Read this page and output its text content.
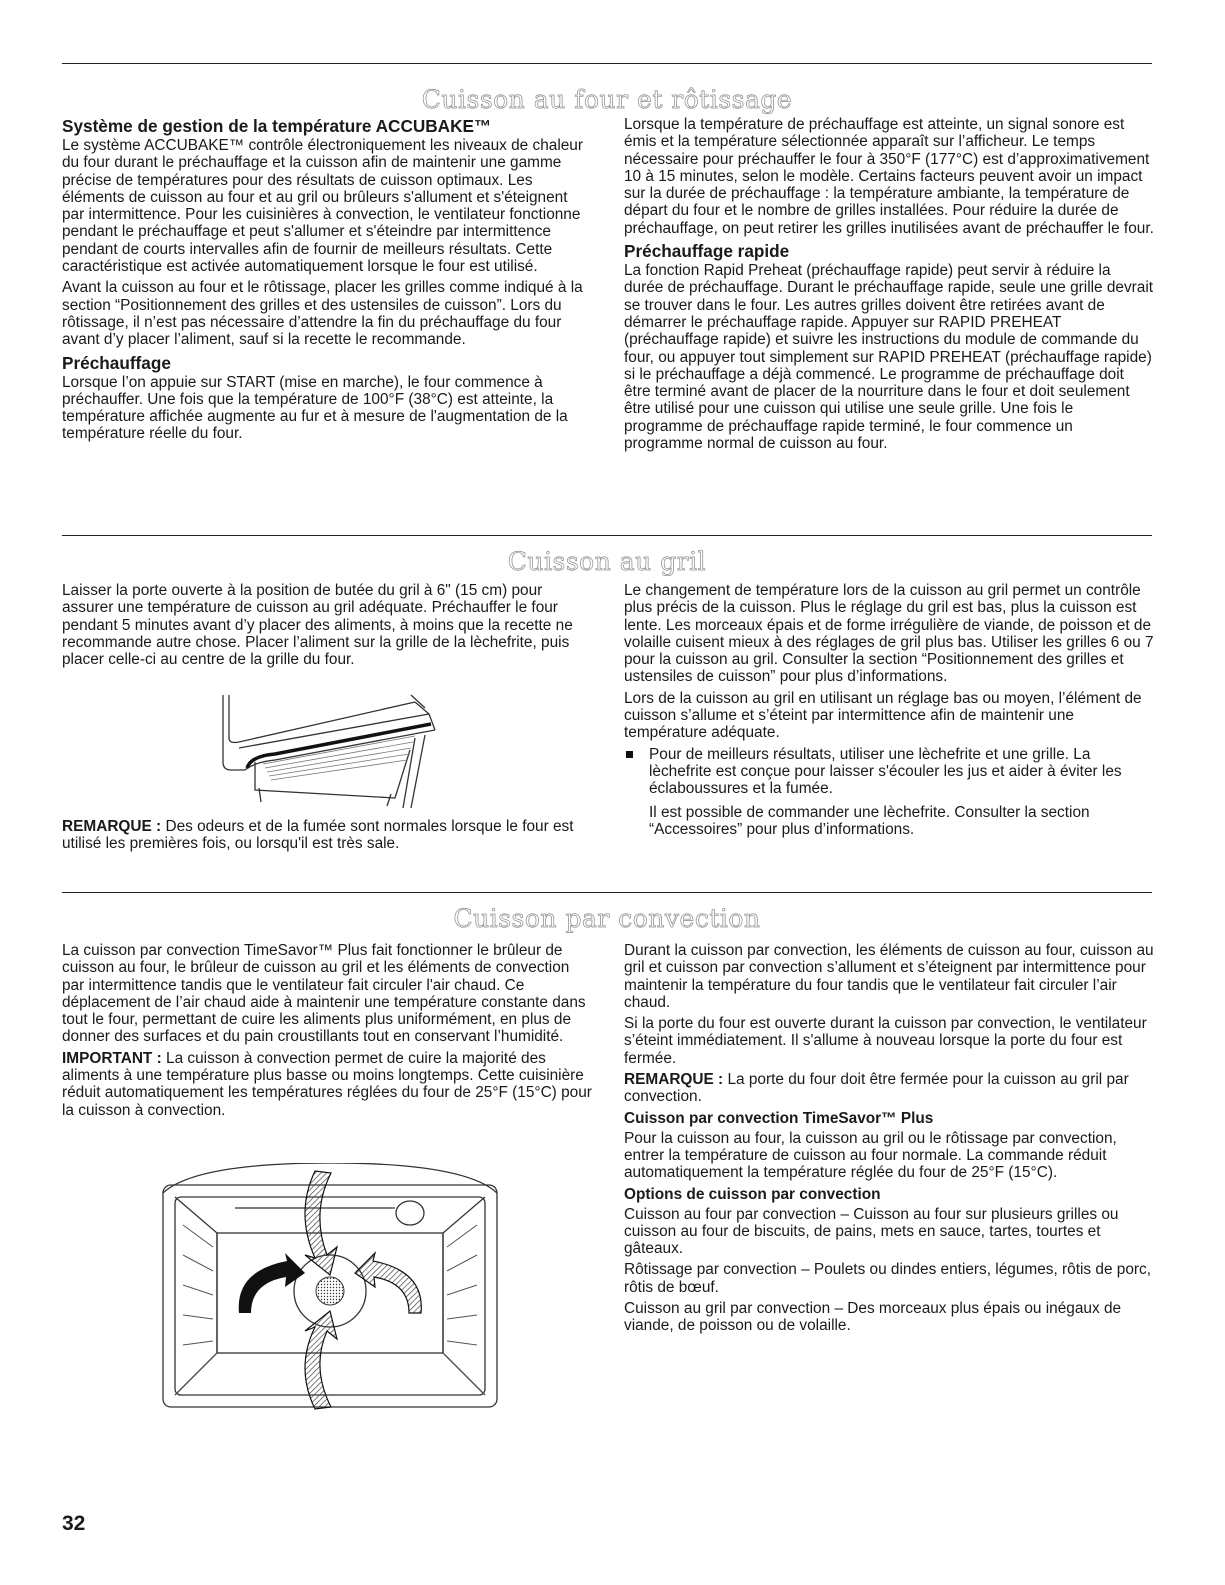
Cuisson au four et rôtissage
Système de gestion de la température ACCUBAKE™

Le système ACCUBAKE™ contrôle électroniquement les niveaux de chaleur du four durant le préchauffage et la cuisson afin de maintenir une gamme précise de températures pour des résultats de cuisson optimaux. Les éléments de cuisson au four et au gril ou brûleurs s'allument et s'éteignent par intermittence. Pour les cuisinières à convection, le ventilateur fonctionne pendant le préchauffage et peut s'allumer et s'éteindre par intermittence pendant de courts intervalles afin de fournir de meilleurs résultats. Cette caractéristique est activée automatiquement lorsque le four est utilisé.

Avant la cuisson au four et le rôtissage, placer les grilles comme indiqué à la section “Positionnement des grilles et des ustensiles de cuisson”. Lors du rôtissage, il n’est pas nécessaire d’attendre la fin du préchauffage du four avant d’y placer l’aliment, sauf si la recette le recommande.

Préchauffage

Lorsque l’on appuie sur START (mise en marche), le four commence à préchauffer. Une fois que la température de 100°F (38°C) est atteinte, la température affichée augmente au fur et à mesure de l'augmentation de la température réelle du four.

Lorsque la température de préchauffage est atteinte, un signal sonore est émis et la température sélectionnée apparaît sur l’afficheur. Le temps nécessaire pour préchauffer le four à 350°F (177°C) est d’approximativement 10 à 15 minutes, selon le modèle. Certains facteurs peuvent avoir un impact sur la durée de préchauffage : la température ambiante, la température de départ du four et le nombre de grilles installées. Pour réduire la durée de préchauffage, on peut retirer les grilles inutilisées avant de préchauffer le four.

Préchauffage rapide

La fonction Rapid Preheat (préchauffage rapide) peut servir à réduire la durée de préchauffage. Durant le préchauffage rapide, seule une grille devrait se trouver dans le four. Les autres grilles doivent être retirées avant de démarrer le préchauffage rapide. Appuyer sur RAPID PREHEAT (préchauffage rapide) et suivre les instructions du module de commande du four, ou appuyer tout simplement sur RAPID PREHEAT (préchauffage rapide) si le préchauffage a déjà commencé. Le programme de préchauffage doit être terminé avant de placer de la nourriture dans le four et doit seulement être utilisé pour une cuisson qui utilise une seule grille. Une fois le programme de préchauffage rapide terminé, le four commence un programme normal de cuisson au four.

Cuisson au gril

Laisser la porte ouverte à la position de butée du gril à 6" (15 cm) pour assurer une température de cuisson au gril adéquate. Préchauffer le four pendant 5 minutes avant d’y placer des aliments, à moins que la recette ne recommande autre chose. Placer l’aliment sur la grille de la lèchefrite, puis placer celle-ci au centre de la grille du four.

REMARQUE : Des odeurs et de la fumée sont normales lorsque le four est utilisé les premières fois, ou lorsqu'il est très sale.

Le changement de température lors de la cuisson au gril permet un contrôle plus précis de la cuisson. Plus le réglage du gril est bas, plus la cuisson est lente. Les morceaux épais et de forme irrégulière de viande, de poisson et de volaille cuisent mieux à des réglages de gril plus bas. Utiliser les grilles 6 ou 7 pour la cuisson au gril. Consulter la section “Positionnement des grilles et ustensiles de cuisson” pour plus d’informations.

Lors de la cuisson au gril en utilisant un réglage bas ou moyen, l’élément de cuisson s’allume et s’éteint par intermittence afin de maintenir une température adéquate.

Pour de meilleurs résultats, utiliser une lèchefrite et une grille. La lèchefrite est conçue pour laisser s'écouler les jus et aider à éviter les éclaboussures et la fumée.

Il est possible de commander une lèchefrite. Consulter la section “Accessoires” pour plus d’informations.

Cuisson par convection

La cuisson par convection TimeSavor™ Plus fait fonctionner le brûleur de cuisson au four, le brûleur de cuisson au gril et les éléments de convection par intermittence tandis que le ventilateur fait circuler l'air chaud. Ce déplacement de l’air chaud aide à maintenir une température constante dans tout le four, permettant de cuire les aliments plus uniformément, en plus de donner des surfaces et du pain croustillants tout en conservant l’humidité.

IMPORTANT : La cuisson à convection permet de cuire la majorité des aliments à une température plus basse ou moins longtemps. Cette cuisinière réduit automatiquement les températures réglées du four de 25°F (15°C) pour la cuisson à convection.

Durant la cuisson par convection, les éléments de cuisson au four, cuisson au gril et cuisson par convection s’allument et s’éteignent par intermittence pour maintenir la température du four tandis que le ventilateur fait circuler l’air chaud.

Si la porte du four est ouverte durant la cuisson par convection, le ventilateur s’éteint immédiatement. Il s'allume à nouveau lorsque la porte du four est fermée.

REMARQUE : La porte du four doit être fermée pour la cuisson au gril par convection.

Cuisson par convection TimeSavor™ Plus

Pour la cuisson au four, la cuisson au gril ou le rôtissage par convection, entrer la température de cuisson au four normale. La commande réduit automatiquement la température réglée du four de 25°F (15°C).

Options de cuisson par convection

Cuisson au four par convection – Cuisson au four sur plusieurs grilles ou cuisson au four de biscuits, de pains, mets en sauce, tartes, tourtes et gâteaux.

Rôtissage par convection – Poulets ou dindes entiers, légumes, rôtis de porc, rôtis de bœuf.

Cuisson au gril par convection – Des morceaux plus épais ou inégaux de viande, de poisson ou de volaille.

32
